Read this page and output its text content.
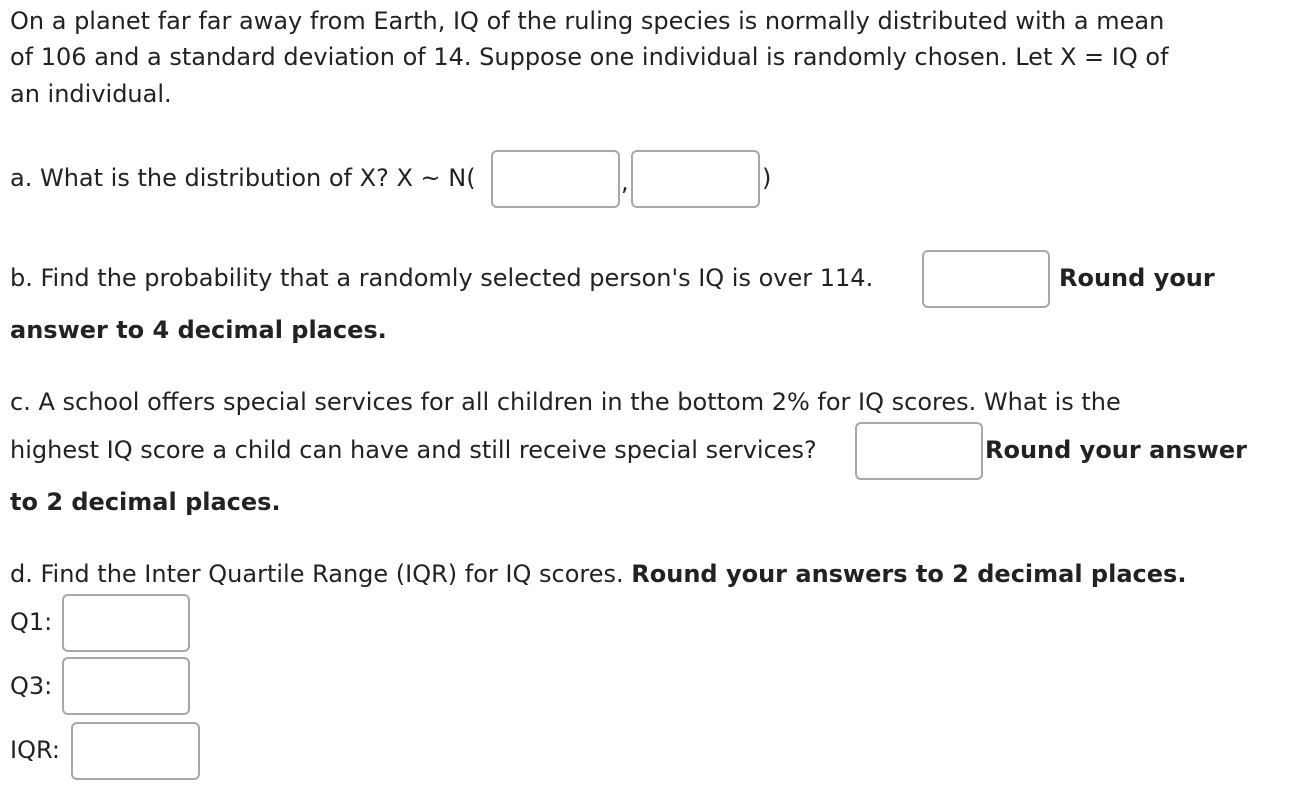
On a planet far far away from Earth, IQ of the ruling species is normally distributed with a mean
of 106 and a standard deviation of 14. Suppose one individual is randomly chosen. Let X = IQ of
an individual.
a. What is the distribution of X? X ~ N(	,	)
b. Find the probability that a randomly selected person's IQ is over 114.	Round your
answer to 4 decimal places.
c. A school offers special services for all children in the bottom 2% for IQ scores. What is the
highest IQ score a child can have and still receive special services?	Round your answer
to 2 decimal places.
d. Find the Inter Quartile Range (IQR) for IQ scores. Round your answers to 2 decimal places.
Q1:
Q3:
IQR:
